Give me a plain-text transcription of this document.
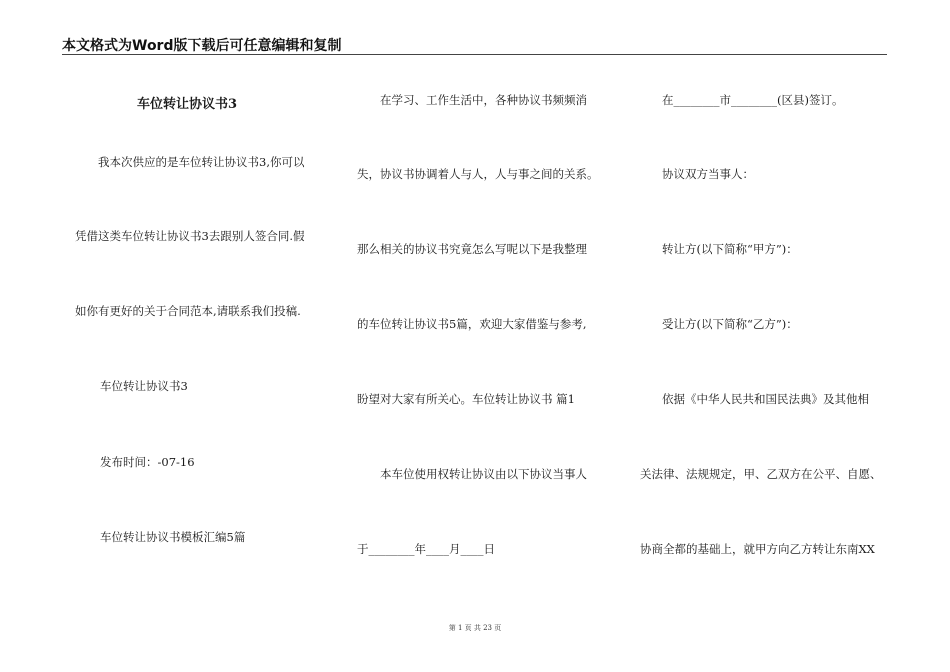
本文格式为Word版下载后可任意编辑和复制
车位转让协议书3
我本次供应的是车位转让协议书3,你可以
凭借这类车位转让协议书3去跟别人签合同.假
如你有更好的关于合同范本,请联系我们投稿.
车位转让协议书3
发布时间：-07-16
车位转让协议书模板汇编5篇
在学习、工作生活中，各种协议书频频消
失，协议书协调着人与人，人与事之间的关系。
那么相关的协议书究竟怎么写呢以下是我整理
的车位转让协议书5篇，欢迎大家借鉴与参考,
盼望对大家有所关心。车位转让协议书 篇1
本车位使用权转让协议由以下协议当事人
于________年____月____日
在________市________(区县)签订。
协议双方当事人：
转让方(以下简称“甲方”)：
受让方(以下简称“乙方”)：
依据《中华人民共和国民法典》及其他相
关法律、法规规定，甲、乙双方在公平、自愿、
协商全都的基础上，就甲方向乙方转让东南XX
第 1 页 共 23 页
